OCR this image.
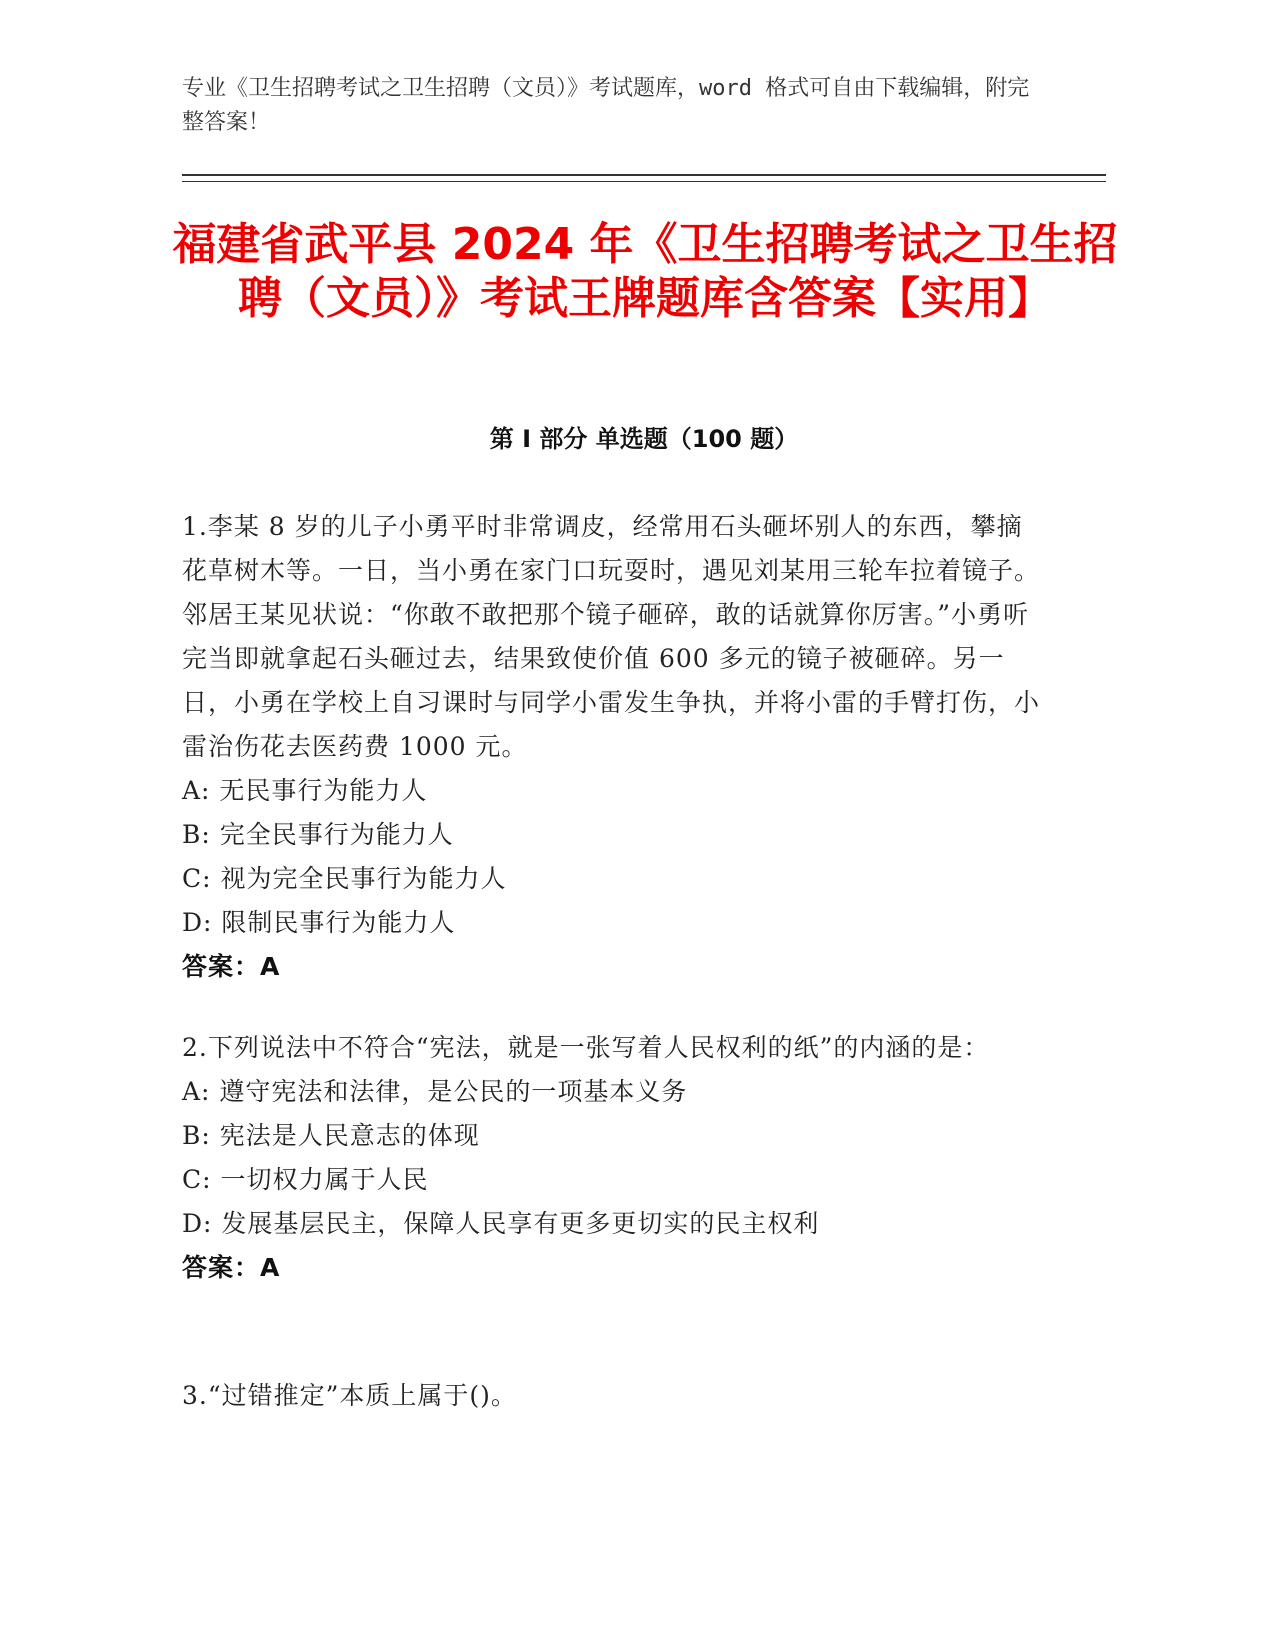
专业《卫生招聘考试之卫生招聘（文员）》考试题库，word 格式可自由下载编辑，附完整答案！
福建省武平县 2024 年《卫生招聘考试之卫生招聘（文员）》考试王牌题库含答案【实用】
第 I 部分 单选题（100 题）

1.李某 8 岁的儿子小勇平时非常调皮，经常用石头砸坏别人的东西，攀摘花草树木等。一日，当小勇在家门口玩耍时，遇见刘某用三轮车拉着镜子。邻居王某见状说：“你敢不敢把那个镜子砸碎，敢的话就算你厉害。”小勇听完当即就拿起石头砸过去，结果致使价值 600 多元的镜子被砸碎。另一日，小勇在学校上自习课时与同学小雷发生争执，并将小雷的手臂打伤，小雷治伤花去医药费 1000 元。

A: 无民事行为能力人

B: 完全民事行为能力人

C: 视为完全民事行为能力人

D: 限制民事行为能力人

答案：A

2.下列说法中不符合“宪法，就是一张写着人民权利的纸”的内涵的是：

A: 遵守宪法和法律，是公民的一项基本义务

B: 宪法是人民意志的体现

C: 一切权力属于人民

D: 发展基层民主，保障人民享有更多更切实的民主权利

答案：A

3.“过错推定”本质上属于()。
